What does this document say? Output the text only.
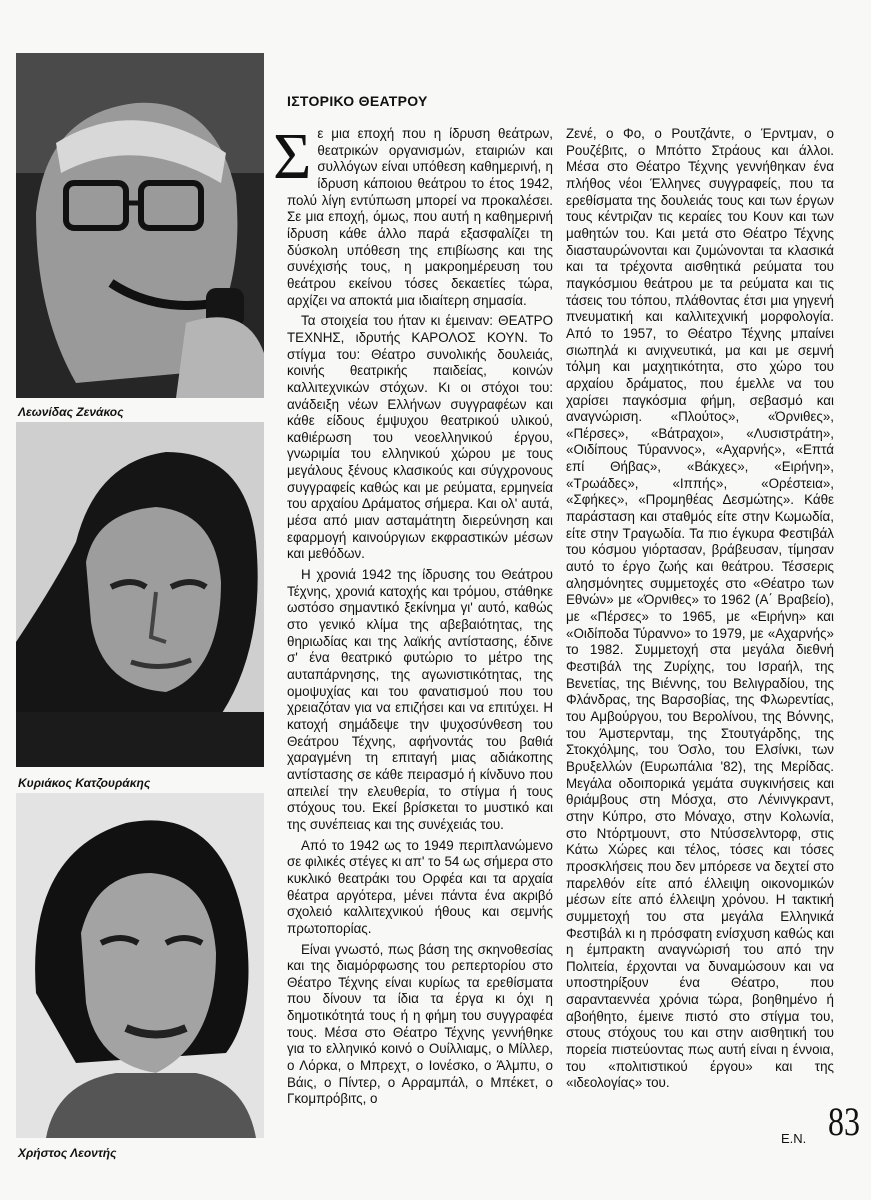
Λεωνίδας Ζενάκος
Κυριάκος Κατζουράκης
Χρήστος Λεοντής
ΙΣΤΟΡΙΚΟ ΘΕΑΤΡΟΥ

Σε μια εποχή που η ίδρυση θεάτρων, θεατρικών οργανισμών, εταιριών και συλλόγων είναι υπόθεση καθημερινή, η ίδρυση κάποιου θεάτρου το έτος 1942, πολύ λίγη εντύπωση μπορεί να προκαλέσει. Σε μια εποχή, όμως, που αυτή η καθημερινή ίδρυση κάθε άλλο παρά εξασφαλίζει τη δύσκολη υπόθεση της επιβίωσης και της συνέχισής τους, η μακροημέρευση του θεάτρου εκείνου τόσες δεκαετίες τώρα, αρχίζει να αποκτά μια ιδιαίτερη σημασία.

Τα στοιχεία του ήταν κι έμειναν: ΘΕΑΤΡΟ ΤΕΧΝΗΣ, ιδρυτής ΚΑΡΟΛΟΣ ΚΟΥΝ. Το στίγμα του: Θέατρο συνολικής δουλειάς, κοινής θεατρικής παιδείας, κοινών καλλιτεχνικών στόχων. Κι οι στόχοι του: ανάδειξη νέων Ελλήνων συγγραφέων και κάθε είδους έμψυχου θεατρικού υλικού, καθιέρωση του νεοελληνικού έργου, γνωριμία του ελληνικού χώρου με τους μεγάλους ξένους κλασικούς και σύγχρονους συγγραφείς καθώς και με ρεύματα, ερμηνεία του αρχαίου Δράματος σήμερα. Και ολ' αυτά, μέσα από μιαν ασταμάτητη διερεύνηση και εφαρμογή καινούργιων εκφραστικών μέσων και μεθόδων.

Η χρονιά 1942 της ίδρυσης του Θεάτρου Τέχνης, χρονιά κατοχής και τρόμου, στάθηκε ωστόσο σημαντικό ξεκίνημα γι' αυτό, καθώς στο γενικό κλίμα της αβεβαιότητας, της θηριωδίας και της λαϊκής αντίστασης, έδινε σ' ένα θεατρικό φυτώριο το μέτρο της αυταπάρνησης, της αγωνιστικότητας, της ομοψυχίας και του φανατισμού που του χρειαζόταν για να επιζήσει και να επιτύχει. Η κατοχή σημάδεψε την ψυχοσύνθεση του Θεάτρου Τέχνης, αφήνοντάς του βαθιά χαραγμένη τη επιταγή μιας αδιάκοπης αντίστασης σε κάθε πειρασμό ή κίνδυνο που απειλεί την ελευθερία, το στίγμα ή τους στόχους του. Εκεί βρίσκεται το μυστικό και της συνέπειας και της συνέχειάς του.

Από το 1942 ως το 1949 περιπλανώμενο σε φιλικές στέγες κι απ' το 54 ως σήμερα στο κυκλικό θεατράκι του Ορφέα και τα αρχαία θέατρα αργότερα, μένει πάντα ένα ακριβό σχολειό καλλιτεχνικού ήθους και σεμνής πρωτοπορίας.

Είναι γνωστό, πως βάση της σκηνοθεσίας και της διαμόρφωσης του ρεπερτορίου στο Θέατρο Τέχνης είναι κυρίως τα ερεθίσματα που δίνουν τα ίδια τα έργα κι όχι η δημοτικότητά τους ή η φήμη του συγγραφέα τους. Μέσα στο Θέατρο Τέχνης γεννήθηκε για το ελληνικό κοινό ο Ουίλλιαμς, ο Μίλλερ, ο Λόρκα, ο Μπρεχτ, ο Ιονέσκο, ο Άλμπυ, ο Βάις, ο Πίντερ, ο Αρραμπάλ, ο Μπέκετ, ο Γκομπρόβιτς, ο

Ζενέ, ο Φο, ο Ρουτζάντε, ο Έρντμαν, ο Ρουζέβιτς, ο Μπόττο Στράους και άλλοι. Μέσα στο Θέατρο Τέχνης γεννήθηκαν ένα πλήθος νέοι Έλληνες συγγραφείς, που τα ερεθίσματα της δουλειάς τους και των έργων τους κέντριζαν τις κεραίες του Κουν και των μαθητών του. Και μετά στο Θέατρο Τέχνης διασταυρώνονται και ζυμώνονται τα κλασικά και τα τρέχοντα αισθητικά ρεύματα του παγκόσμιου θεάτρου με τα ρεύματα και τις τάσεις του τόπου, πλάθοντας έτσι μια γηγενή πνευματική και καλλιτεχνική μορφολογία. Από το 1957, το Θέατρο Τέχνης μπαίνει σιωπηλά κι ανιχνευτικά, μα και με σεμνή τόλμη και μαχητικότητα, στο χώρο του αρχαίου δράματος, που έμελλε να του χαρίσει παγκόσμια φήμη, σεβασμό και αναγνώριση. «Πλούτος», «Όρνιθες», «Πέρσες», «Βάτραχοι», «Λυσιστράτη», «Οιδίπους Τύραννος», «Αχαρνής», «Επτά επί Θήβας», «Βάκχες», «Ειρήνη», «Τρωάδες», «Ιππής», «Ορέστεια», «Σφήκες», «Προμηθέας Δεσμώτης». Κάθε παράσταση και σταθμός είτε στην Κωμωδία, είτε στην Τραγωδία. Τα πιο έγκυρα Φεστιβάλ του κόσμου γιόρτασαν, βράβευσαν, τίμησαν αυτό το έργο ζωής και θεάτρου. Τέσσερις αλησμόνητες συμμετοχές στο «Θέατρο των Εθνών» με «Όρνιθες» το 1962 (Α΄ Βραβείο), με «Πέρσες» το 1965, με «Ειρήνη» και «Οιδίποδα Τύραννο» το 1979, με «Αχαρνής» το 1982. Συμμετοχή στα μεγάλα διεθνή Φεστιβάλ της Ζυρίχης, του Ισραήλ, της Βενετίας, της Βιέννης, του Βελιγραδίου, της Φλάνδρας, της Βαρσοβίας, της Φλωρεντίας, του Αμβούργου, του Βερολίνου, της Βόννης, του Άμστερνταμ, της Στουτγάρδης, της Στοκχόλμης, του Όσλο, του Ελσίνκι, των Βρυξελλών (Ευρωπάλια '82), της Μερίδας. Μεγάλα οδοιπορικά γεμάτα συγκινήσεις και θριάμβους στη Μόσχα, στο Λένινγκραντ, στην Κύπρο, στο Μόναχο, στην Κολωνία, στο Ντόρτμουντ, στο Ντύσσελντορφ, στις Κάτω Χώρες και τέλος, τόσες και τόσες προσκλήσεις που δεν μπόρεσε να δεχτεί στο παρελθόν είτε από έλλειψη οικονομικών μέσων είτε από έλλειψη χρόνου. Η τακτική συμμετοχή του στα μεγάλα Ελληνικά Φεστιβάλ κι η πρόσφατη ενίσχυση καθώς και η έμπρακτη αναγνώρισή του από την Πολιτεία, έρχονται να δυναμώσουν και να υποστηρίξουν ένα Θέατρο, που σαρανταεννέα χρόνια τώρα, βοηθημένο ή αβοήθητο, έμεινε πιστό στο στίγμα του, στους στόχους του και στην αισθητική του πορεία πιστεύοντας πως αυτή είναι η έννοια, του «πολιτιστικού έργου» και της «ιδεολογίας» του.

Ε.Ν. 83
